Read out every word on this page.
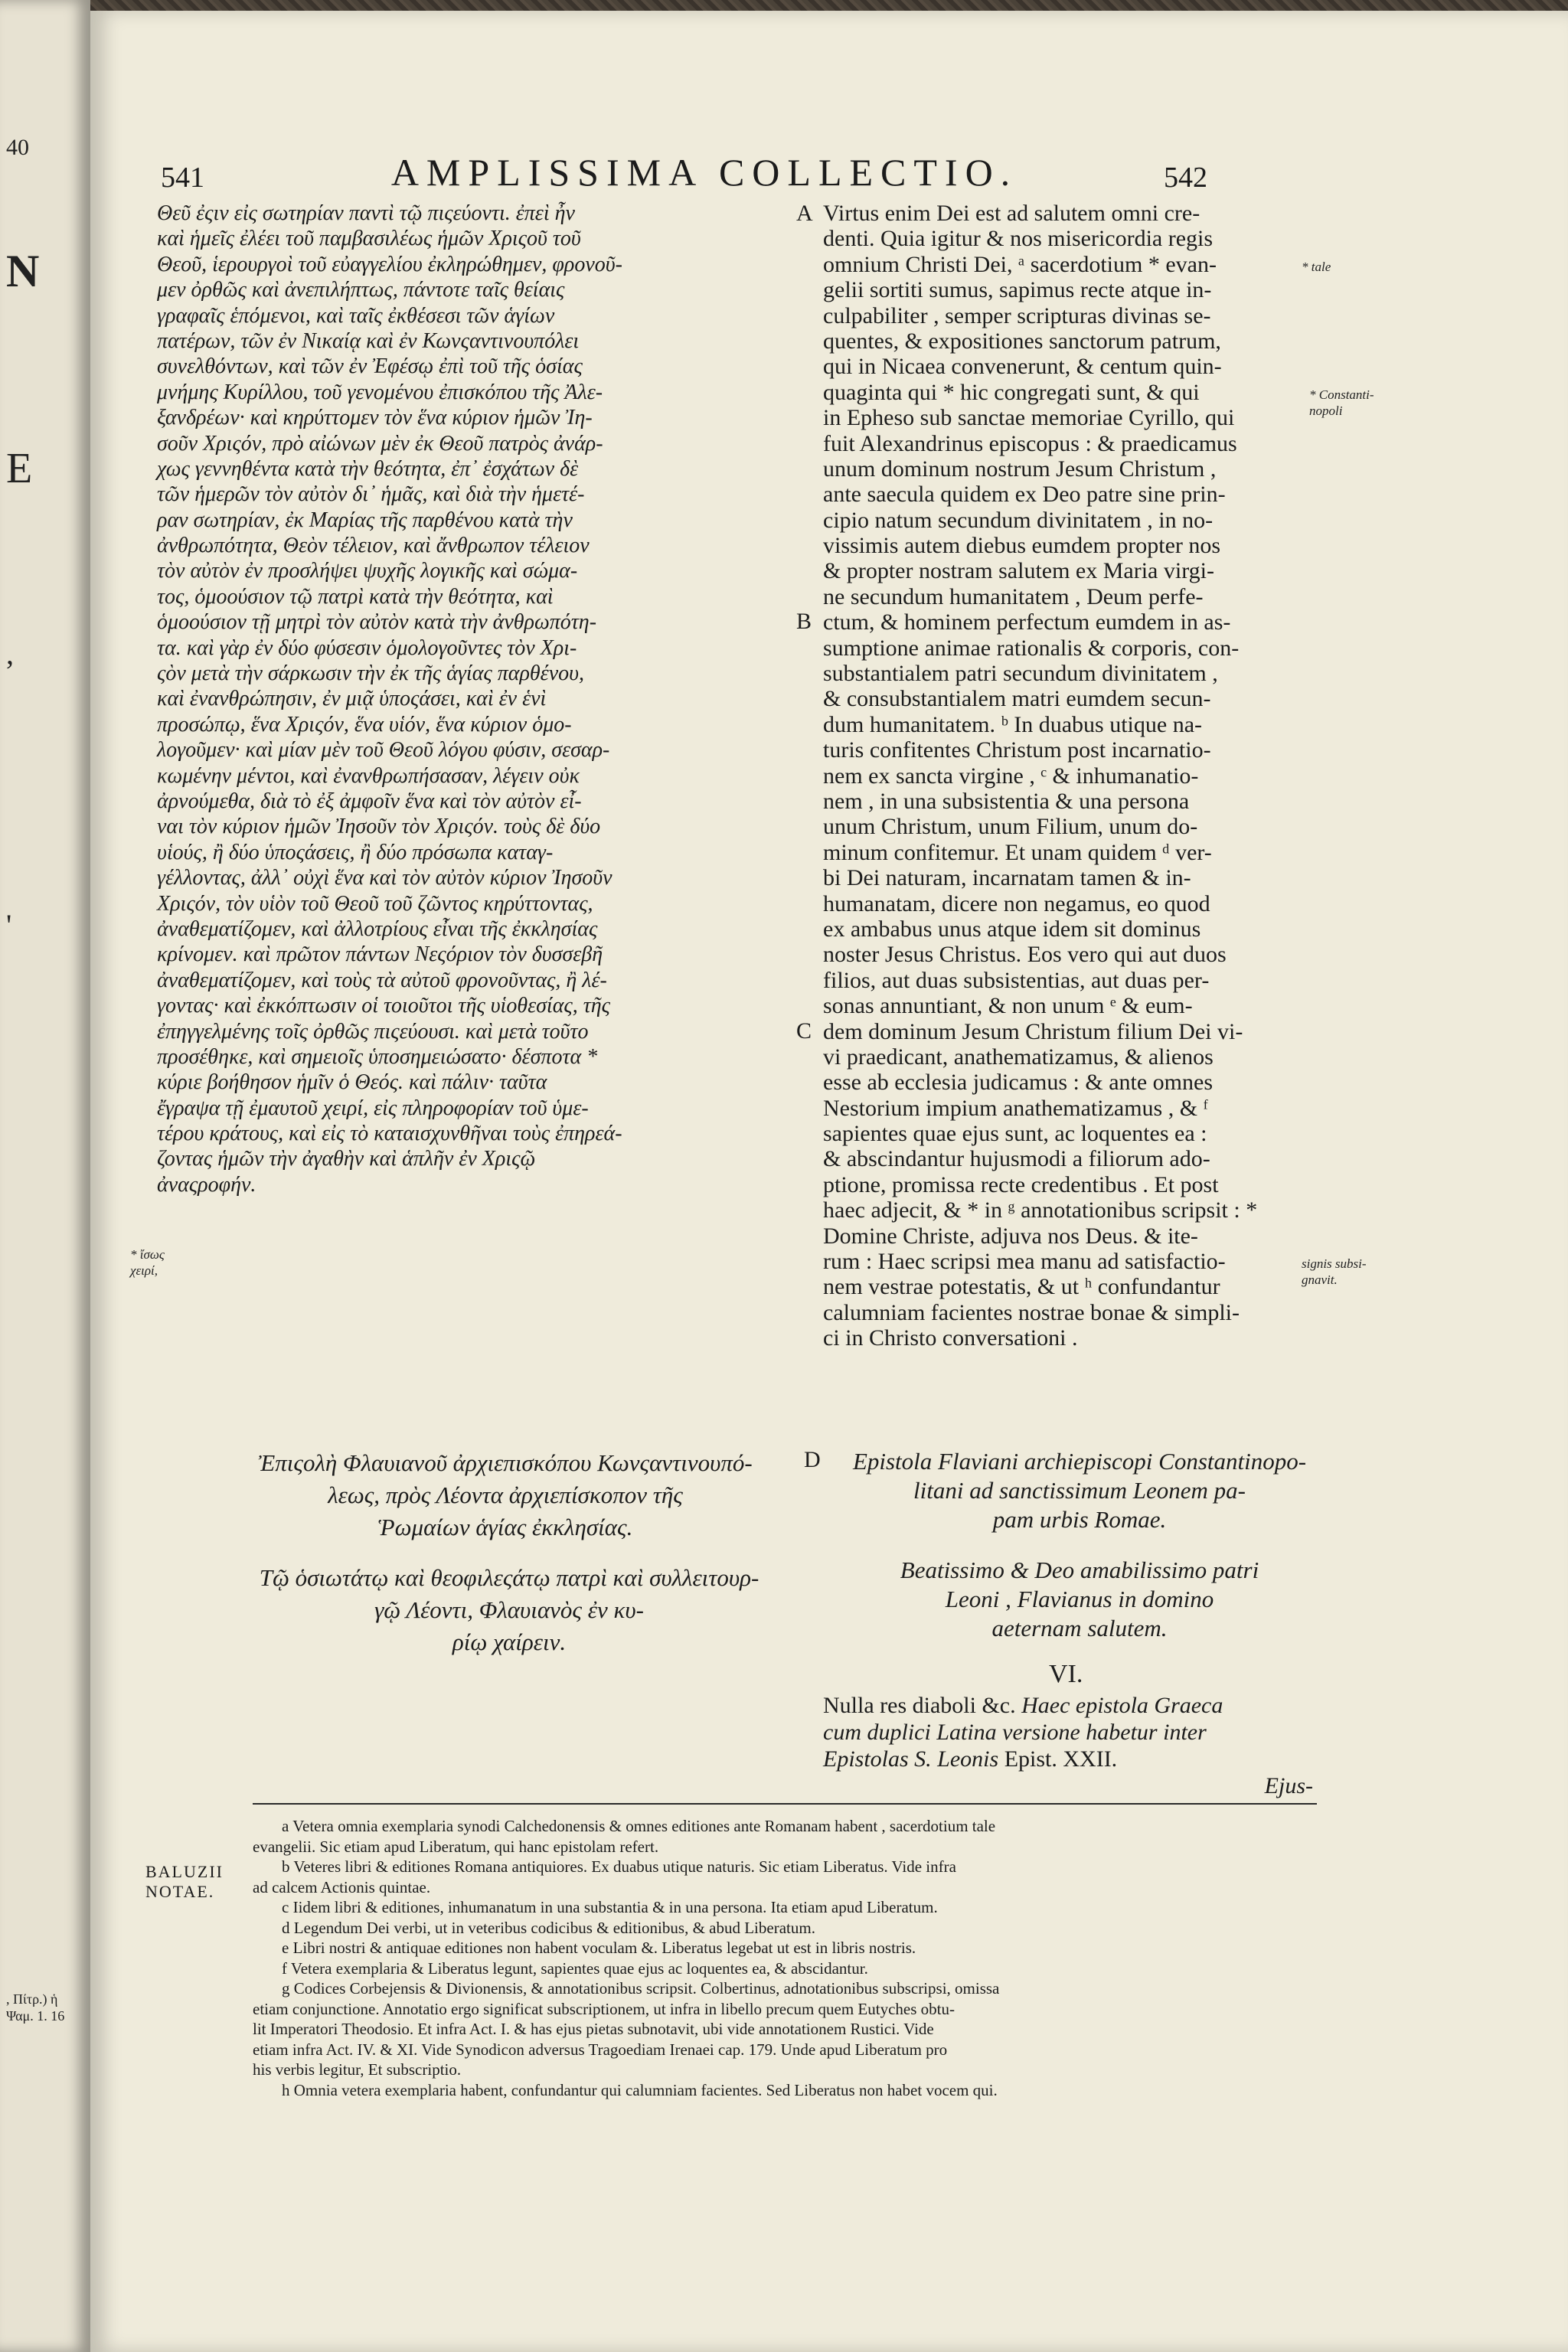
40
N
E
,
'
, Πίτρ.) ἡ
Ψαμ. 1. 16
541	AMPLISSIMA COLLECTIO.	542
A
B
C
D
Θεῦ ἐςιν εἰς σωτηρίαν παντὶ τῷ πιςεύοντι. ἐπεὶ ἦν
καὶ ἡμεῖς ἐλέει τοῦ παμβασιλέως ἡμῶν Χριςοῦ τοῦ
Θεοῦ, ἱερουργοὶ τοῦ εὐαγγελίου ἐκληρώθημεν, φρονοῦ-
μεν ὀρθῶς καὶ ἀνεπιλήπτως, πάντοτε ταῖς θείαις
γραφαῖς ἑπόμενοι, καὶ ταῖς ἐκθέσεσι τῶν ἁγίων
πατέρων, τῶν ἐν Νικαίᾳ καὶ ἐν Κωνςαντινουπόλει
συνελθόντων, καὶ τῶν ἐν Ἐφέσῳ ἐπὶ τοῦ τῆς ὁσίας
μνήμης Κυρίλλου, τοῦ γενομένου ἐπισκόπου τῆς Ἀλε-
ξανδρέων· καὶ κηρύττομεν τὸν ἕνα κύριον ἡμῶν Ἰη-
σοῦν Χριςόν, πρὸ αἰώνων μὲν ἐκ Θεοῦ πατρὸς ἀνάρ-
χως γεννηθέντα κατὰ τὴν θεότητα, ἐπ᾽ ἐσχάτων δὲ
τῶν ἡμερῶν τὸν αὐτὸν δι᾽ ἡμᾶς, καὶ διὰ τὴν ἡμετέ-
ραν σωτηρίαν, ἐκ Μαρίας τῆς παρθένου κατὰ τὴν
ἀνθρωπότητα, Θεὸν τέλειον, καὶ ἄνθρωπον τέλειον
τὸν αὐτὸν ἐν προσλήψει ψυχῆς λογικῆς καὶ σώμα-
τος, ὁμοούσιον τῷ πατρὶ κατὰ τὴν θεότητα, καὶ
ὁμοούσιον τῇ μητρὶ τὸν αὐτὸν κατὰ τὴν ἀνθρωπότη-
τα. καὶ γὰρ ἐν δύο φύσεσιν ὁμολογοῦντες τὸν Χρι-
ςὸν μετὰ τὴν σάρκωσιν τὴν ἐκ τῆς ἁγίας παρθένου,
καὶ ἐνανθρώπησιν, ἐν μιᾷ ὑποςάσει, καὶ ἐν ἑνὶ
προσώπῳ, ἕνα Χριςόν, ἕνα υἱόν, ἕνα κύριον ὁμο-
λογοῦμεν· καὶ μίαν μὲν τοῦ Θεοῦ λόγου φύσιν, σεσαρ-
κωμένην μέντοι, καὶ ἐνανθρωπήσασαν, λέγειν οὐκ
ἀρνούμεθα, διὰ τὸ ἐξ ἀμφοῖν ἕνα καὶ τὸν αὐτὸν εἶ-
ναι τὸν κύριον ἡμῶν Ἰησοῦν τὸν Χριςόν. τοὺς δὲ δύο
υἱούς, ἢ δύο ὑποςάσεις, ἢ δύο πρόσωπα καταγ-
γέλλοντας, ἀλλ᾽ οὐχὶ ἕνα καὶ τὸν αὐτὸν κύριον Ἰησοῦν
Χριςόν, τὸν υἱὸν τοῦ Θεοῦ τοῦ ζῶντος κηρύττοντας,
ἀναθεματίζομεν, καὶ ἀλλοτρίους εἶναι τῆς ἐκκλησίας
κρίνομεν. καὶ πρῶτον πάντων Νεςόριον τὸν δυσσεβῆ
ἀναθεματίζομεν, καὶ τοὺς τὰ αὐτοῦ φρονοῦντας, ἢ λέ-
γοντας· καὶ ἐκκόπτωσιν οἱ τοιοῦτοι τῆς υἱοθεσίας, τῆς
ἐπηγγελμένης τοῖς ὀρθῶς πιςεύουσι. καὶ μετὰ τοῦτο
προσέθηκε, καὶ σημειοῖς ὑποσημειώσατο· δέσποτα *
κύριε βοήθησον ἡμῖν ὁ Θεός. καὶ πάλιν· ταῦτα
ἔγραψα τῇ ἐμαυτοῦ χειρί, εἰς πληροφορίαν τοῦ ὑμε-
τέρου κράτους, καὶ εἰς τὸ καταισχυνθῆναι τοὺς ἐπηρεά-
ζοντας ἡμῶν τὴν ἀγαθὴν καὶ ἁπλῆν ἐν Χριςῷ
ἀναςροφήν.
Virtus enim Dei est ad salutem omni cre-
denti. Quia igitur & nos misericordia regis
omnium Christi Dei, ᵃ sacerdotium * evan-
gelii sortiti sumus, sapimus recte atque in-
culpabiliter , semper scripturas divinas se-
quentes, & expositiones sanctorum patrum,
qui in Nicaea convenerunt, & centum quin-
quaginta qui * hic congregati sunt, & qui
in Epheso sub sanctae memoriae Cyrillo, qui
fuit Alexandrinus episcopus : & praedicamus
unum dominum nostrum Jesum Christum ,
ante saecula quidem ex Deo patre sine prin-
cipio natum secundum divinitatem , in no-
vissimis autem diebus eumdem propter nos
& propter nostram salutem ex Maria virgi-
ne secundum humanitatem , Deum perfe-
ctum, & hominem perfectum eumdem in as-
sumptione animae rationalis & corporis, con-
substantialem patri secundum divinitatem ,
& consubstantialem matri eumdem secun-
dum humanitatem. ᵇ In duabus utique na-
turis confitentes Christum post incarnatio-
nem ex sancta virgine , ᶜ & inhumanatio-
nem , in una subsistentia & una persona
unum Christum, unum Filium, unum do-
minum confitemur. Et unam quidem ᵈ ver-
bi Dei naturam, incarnatam tamen & in-
humanatam, dicere non negamus, eo quod
ex ambabus unus atque idem sit dominus
noster Jesus Christus. Eos vero qui aut duos
filios, aut duas subsistentias, aut duas per-
sonas annuntiant, & non unum ᵉ & eum-
dem dominum Jesum Christum filium Dei vi-
vi praedicant, anathematizamus, & alienos
esse ab ecclesia judicamus : & ante omnes
Nestorium impium anathematizamus , & ᶠ
sapientes quae ejus sunt, ac loquentes ea :
& abscindantur hujusmodi a filiorum ado-
ptione, promissa recte credentibus . Et post
haec adjecit, & * in ᵍ annotationibus scripsit : *
Domine Christe, adjuva nos Deus. & ite-
rum : Haec scripsi mea manu ad satisfactio-
nem vestrae potestatis, & ut ʰ confundantur
calumniam facientes nostrae bonae & simpli-
ci in Christo conversationi .
* tale
* Constanti-
nopoli
* ἴσως
χειρί,	signis subsi-
gnavit.
Ἐπιςολὴ Φλαυιανοῦ ἀρχιεπισκόπου Κωνςαντινουπό-
λεως, πρὸς Λέοντα ἀρχιεπίσκοπον τῆς
Ῥωμαίων ἁγίας ἐκκλησίας.
Τῷ ὁσιωτάτῳ καὶ θεοφιλεςάτῳ πατρὶ καὶ συλλειτουρ-
γῷ Λέοντι, Φλαυιανὸς ἐν κυ-
ρίῳ χαίρειν.
Epistola Flaviani archiepiscopi Constantinopo-
litani ad sanctissimum Leonem pa-
pam urbis Romae.
Beatissimo & Deo amabilissimo patri
Leoni , Flavianus in domino
aeternam salutem.
VI.
Nulla res diaboli &c. Haec epistola Graeca
cum duplici Latina versione habetur inter
Epistolas S. Leonis Epist. XXII.
Ejus-
BALUZII
NOTAE.
a Vetera omnia exemplaria synodi Calchedonensis & omnes editiones ante Romanam habent , sacerdotium tale
evangelii. Sic etiam apud Liberatum, qui hanc epistolam refert.
b Veteres libri & editiones Romana antiquiores. Ex duabus utique naturis. Sic etiam Liberatus. Vide infra
ad calcem Actionis quintae.
c Iidem libri & editiones, inhumanatum in una substantia & in una persona. Ita etiam apud Liberatum.
d Legendum Dei verbi, ut in veteribus codicibus & editionibus, & abud Liberatum.
e Libri nostri & antiquae editiones non habent voculam &. Liberatus legebat ut est in libris nostris.
f Vetera exemplaria & Liberatus legunt, sapientes quae ejus ac loquentes ea, & abscidantur.
g Codices Corbejensis & Divionensis, & annotationibus scripsit. Colbertinus, adnotationibus subscripsi, omissa
etiam conjunctione. Annotatio ergo significat subscriptionem, ut infra in libello precum quem Eutyches obtu-
lit Imperatori Theodosio. Et infra Act. I. & has ejus pietas subnotavit, ubi vide annotationem Rustici. Vide
etiam infra Act. IV. & XI. Vide Synodicon adversus Tragoediam Irenaei cap. 179. Unde apud Liberatum pro
his verbis legitur, Et subscriptio.
h Omnia vetera exemplaria habent, confundantur qui calumniam facientes. Sed Liberatus non habet vocem qui.
